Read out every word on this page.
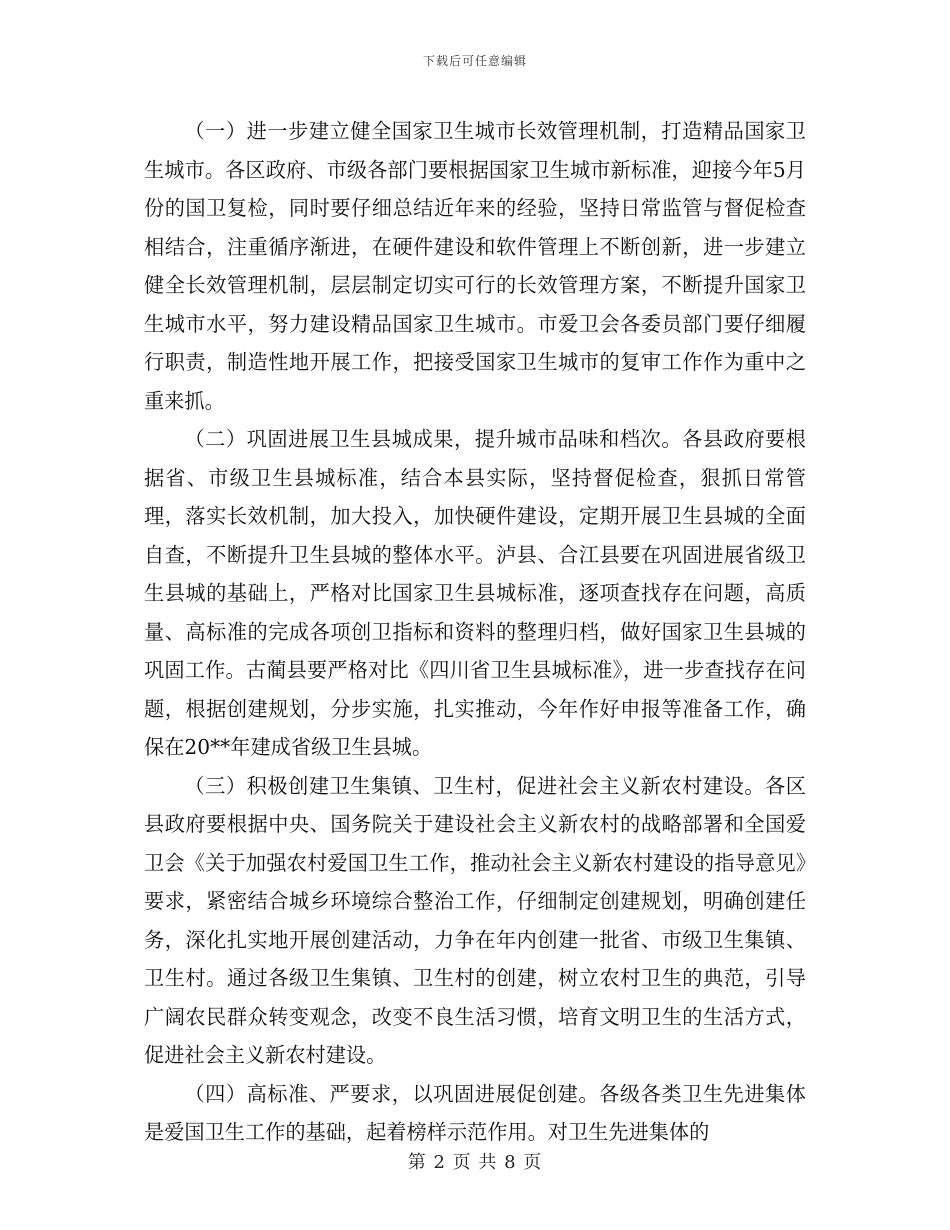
下载后可任意编辑

（一）进一步建立健全国家卫生城市长效管理机制，打造精品国家卫生城市。各区政府、市级各部门要根据国家卫生城市新标准，迎接今年5月份的国卫复检，同时要仔细总结近年来的经验，坚持日常监管与督促检查相结合，注重循序渐进，在硬件建设和软件管理上不断创新，进一步建立健全长效管理机制，层层制定切实可行的长效管理方案，不断提升国家卫生城市水平，努力建设精品国家卫生城市。市爱卫会各委员部门要仔细履行职责，制造性地开展工作，把接受国家卫生城市的复审工作作为重中之重来抓。

（二）巩固进展卫生县城成果，提升城市品味和档次。各县政府要根据省、市级卫生县城标准，结合本县实际，坚持督促检查，狠抓日常管理，落实长效机制，加大投入，加快硬件建设，定期开展卫生县城的全面自查，不断提升卫生县城的整体水平。泸县、合江县要在巩固进展省级卫生县城的基础上，严格对比国家卫生县城标准，逐项查找存在问题，高质量、高标准的完成各项创卫指标和资料的整理归档，做好国家卫生县城的巩固工作。古蔺县要严格对比《四川省卫生县城标准》，进一步查找存在问题，根据创建规划，分步实施，扎实推动，今年作好申报等准备工作，确保在20**年建成省级卫生县城。

（三）积极创建卫生集镇、卫生村，促进社会主义新农村建设。各区县政府要根据中央、国务院关于建设社会主义新农村的战略部署和全国爱卫会《关于加强农村爱国卫生工作，推动社会主义新农村建设的指导意见》要求，紧密结合城乡环境综合整治工作，仔细制定创建规划，明确创建任务，深化扎实地开展创建活动，力争在年内创建一批省、市级卫生集镇、卫生村。通过各级卫生集镇、卫生村的创建，树立农村卫生的典范，引导广阔农民群众转变观念，改变不良生活习惯，培育文明卫生的生活方式，促进社会主义新农村建设。

（四）高标准、严要求，以巩固进展促创建。各级各类卫生先进集体是爱国卫生工作的基础，起着榜样示范作用。对卫生先进集体的

第 2 页 共 8 页
